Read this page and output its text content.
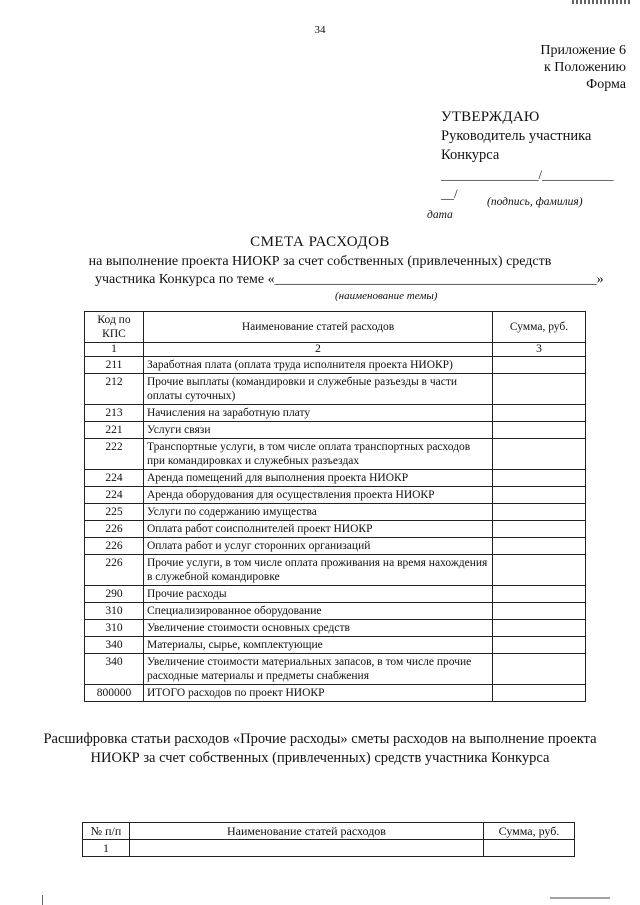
34
Приложение 6
к Положению
Форма
УТВЕРЖДАЮ
Руководитель участника
Конкурса
_______________/___________
__/
(подпись, фамилия)
дата
СМЕТА РАСХОДОВ
на выполнение проекта НИОКР за счет собственных (привлеченных) средств
участника Конкурса по теме «______________________________________________»
(наименование темы)
Код по КПС	Наименование статей расходов	Сумма, руб.
1	2	3
211	Заработная плата (оплата труда исполнителя проекта НИОКР)	
212	Прочие выплаты (командировки и служебные разъезды в части оплаты суточных)	
213	Начисления на заработную плату	
221	Услуги связи	
222	Транспортные услуги, в том числе оплата транспортных расходов при командировках и служебных разъездах	
224	Аренда помещений для выполнения проекта НИОКР	
224	Аренда оборудования для осуществления проекта НИОКР	
225	Услуги по содержанию имущества	
226	Оплата работ соисполнителей проект НИОКР	
226	Оплата работ и услуг сторонних организаций	
226	Прочие услуги, в том числе оплата проживания на время нахождения в служебной командировке	
290	Прочие расходы	
310	Специализированное оборудование	
310	Увеличение стоимости основных средств	
340	Материалы, сырье, комплектующие	
340	Увеличение стоимости материальных запасов, в том числе прочие расходные материалы и предметы снабжения	
800000	ИТОГО расходов по проект НИОКР	
Расшифровка статьи расходов «Прочие расходы» сметы расходов на выполнение проекта НИОКР за счет собственных (привлеченных) средств участника Конкурса
№ п/п	Наименование статей расходов	Сумма, руб.
1		
